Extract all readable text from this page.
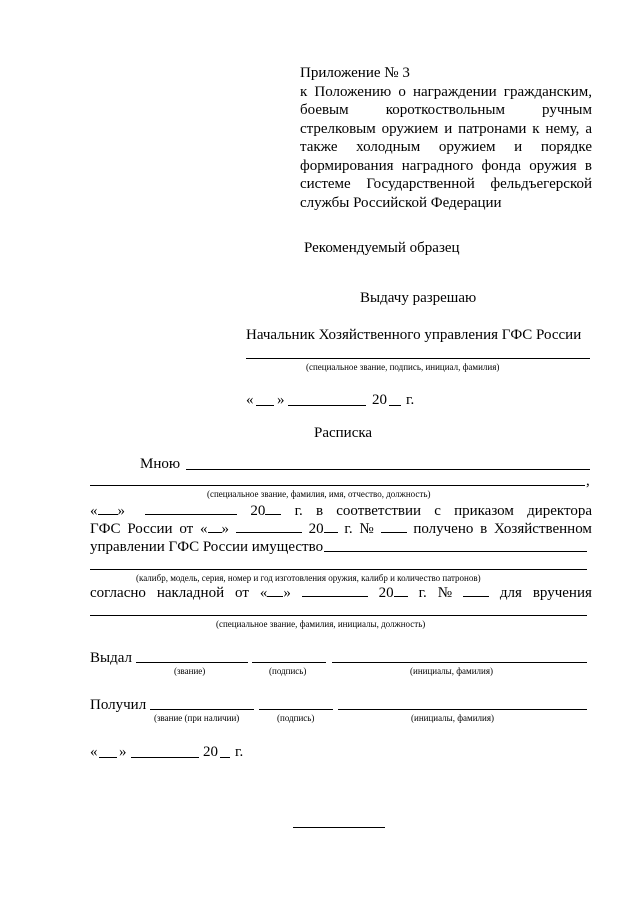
Приложение № 3
к Положению о награждении гражданским,
боевым короткоствольным ручным
стрелковым оружием и патронами к нему, а
также холодным оружием и порядке
формирования наградного фонда оружия в
системе Государственной фельдъегерской
службы Российской Федерации
Рекомендуемый образец
Выдачу разрешаю
Начальник Хозяйственного управления ГФС России
(специальное звание, подпись, инициал, фамилия)
« »	20 г.
Расписка
Мною
,
(специальное звание, фамилия, имя, отчество, должность)
« »	20	г. в соответствии с приказом директора
ГФС России от « »	20	г. №	получено в Хозяйственном
управлении ГФС России имущество
(калибр, модель, серия, номер и год изготовления оружия, калибр и количество патронов)
согласно накладной от « »	20	г. №	для вручения
(специальное звание, фамилия, инициалы, должность)
Выдал
(звание)	(подпись)	(инициалы, фамилия)
Получил
(звание (при наличии)	(подпись)	(инициалы, фамилия)
« »	20 г.
